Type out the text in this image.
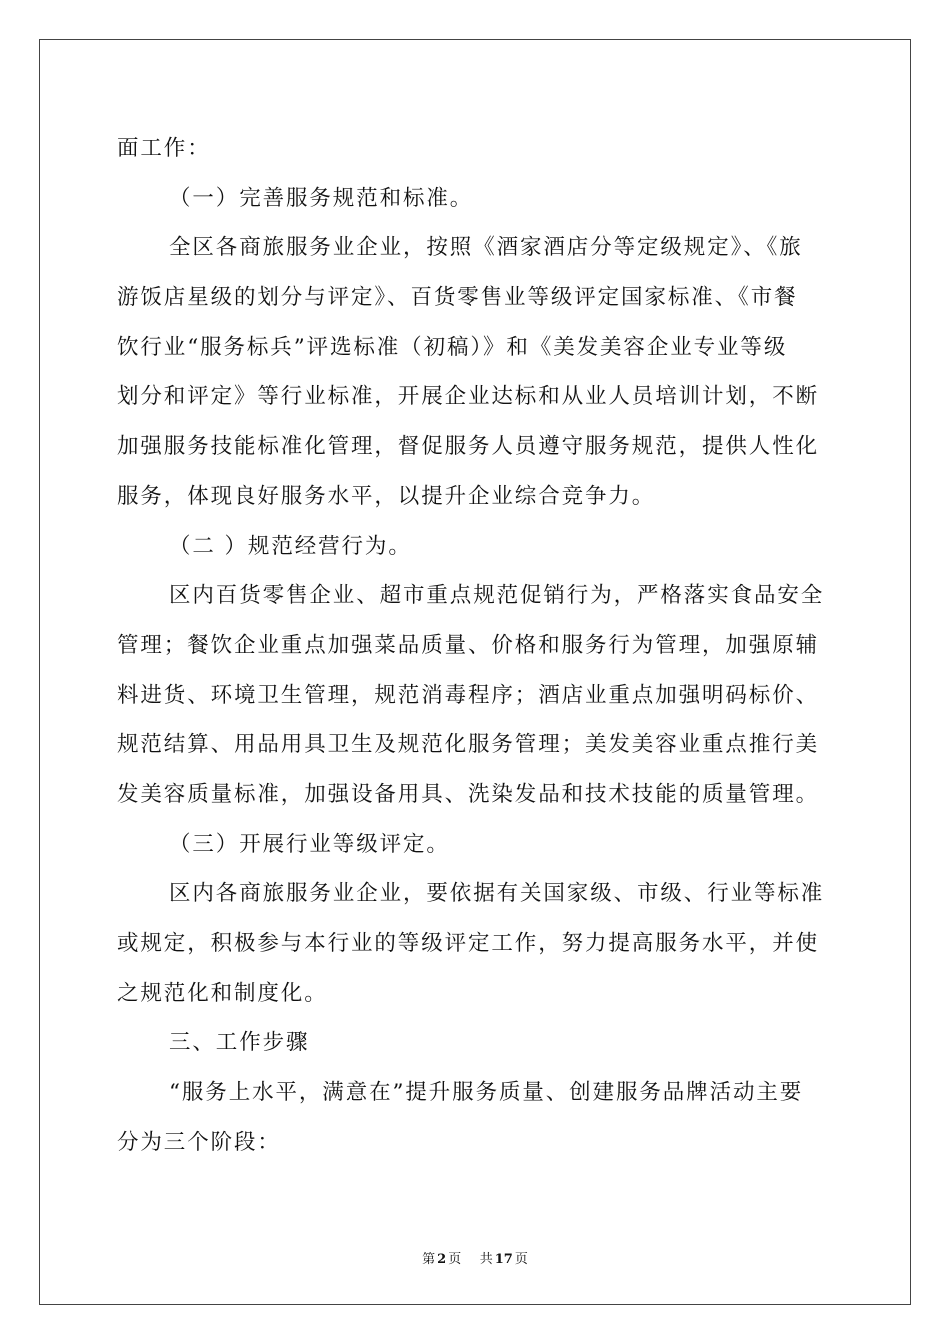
面工作：
（一）完善服务规范和标准。
全区各商旅服务业企业，按照《酒家酒店分等定级规定》、《旅
游饭店星级的划分与评定》、百货零售业等级评定国家标准、《市餐
饮行业“服务标兵”评选标准（初稿）》和《美发美容企业专业等级
划分和评定》等行业标准，开展企业达标和从业人员培训计划，不断
加强服务技能标准化管理，督促服务人员遵守服务规范，提供人性化
服务，体现良好服务水平，以提升企业综合竞争力。
（二 ）规范经营行为。
区内百货零售企业、超市重点规范促销行为，严格落实食品安全
管理；餐饮企业重点加强菜品质量、价格和服务行为管理，加强原辅
料进货、环境卫生管理，规范消毒程序；酒店业重点加强明码标价、
规范结算、用品用具卫生及规范化服务管理；美发美容业重点推行美
发美容质量标准，加强设备用具、洗染发品和技术技能的质量管理。
（三）开展行业等级评定。
区内各商旅服务业企业，要依据有关国家级、市级、行业等标准
或规定，积极参与本行业的等级评定工作，努力提高服务水平，并使
之规范化和制度化。
三、工作步骤
“服务上水平，满意在”提升服务质量、创建服务品牌活动主要
分为三个阶段：
第 2 页 共 17 页
